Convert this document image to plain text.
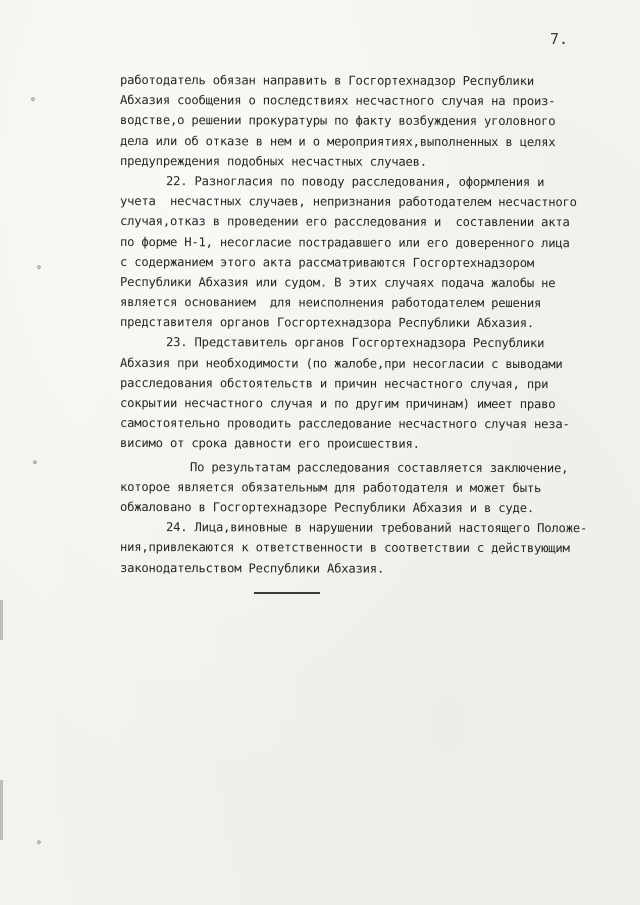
7.
работодатель обязан направить в Госгортехнадзор Республики
Абхазия сообщения о последствиях несчастного случая на произ-
водстве,о решении прокуратуры по факту возбуждения уголовного
дела или об отказе в нем и о мероприятиях,выполненных в целях
предупреждения подобных несчастных случаев.
22. Разногласия по поводу расследования, оформления и
учета  несчастных случаев, непризнания работодателем несчастного
случая,отказ в проведении его расследования и  составлении акта
по форме Н-1, несогласие пострадавшего или его доверенного лица
с содержанием этого акта рассматриваются Госгортехнадзором
Республики Абхазия или судом. В этих случаях подача жалобы не
является основанием  для неисполнения работодателем решения
представителя органов Госгортехнадзора Республики Абхазия.
23. Представитель органов Госгортехнадзора Республики
Абхазия при необходимости (по жалобе,при несогласии с выводами
расследования обстоятельств и причин несчастного случая, при
сокрытии несчастного случая и по другим причинам) имеет право
самостоятельно проводить расследование несчастного случая неза-
висимо от срока давности его происшествия.
По результатам расследования составляется заключение,
которое является обязательным для работодателя и может быть
обжаловано в Госгортехнадзоре Республики Абхазия и в суде.
24. Лица,виновные в нарушении требований настоящего Положе-
ния,привлекаются к ответственности в соответствии с действующим
законодательством Республики Абхазия.
∘
∘
∘
∘
